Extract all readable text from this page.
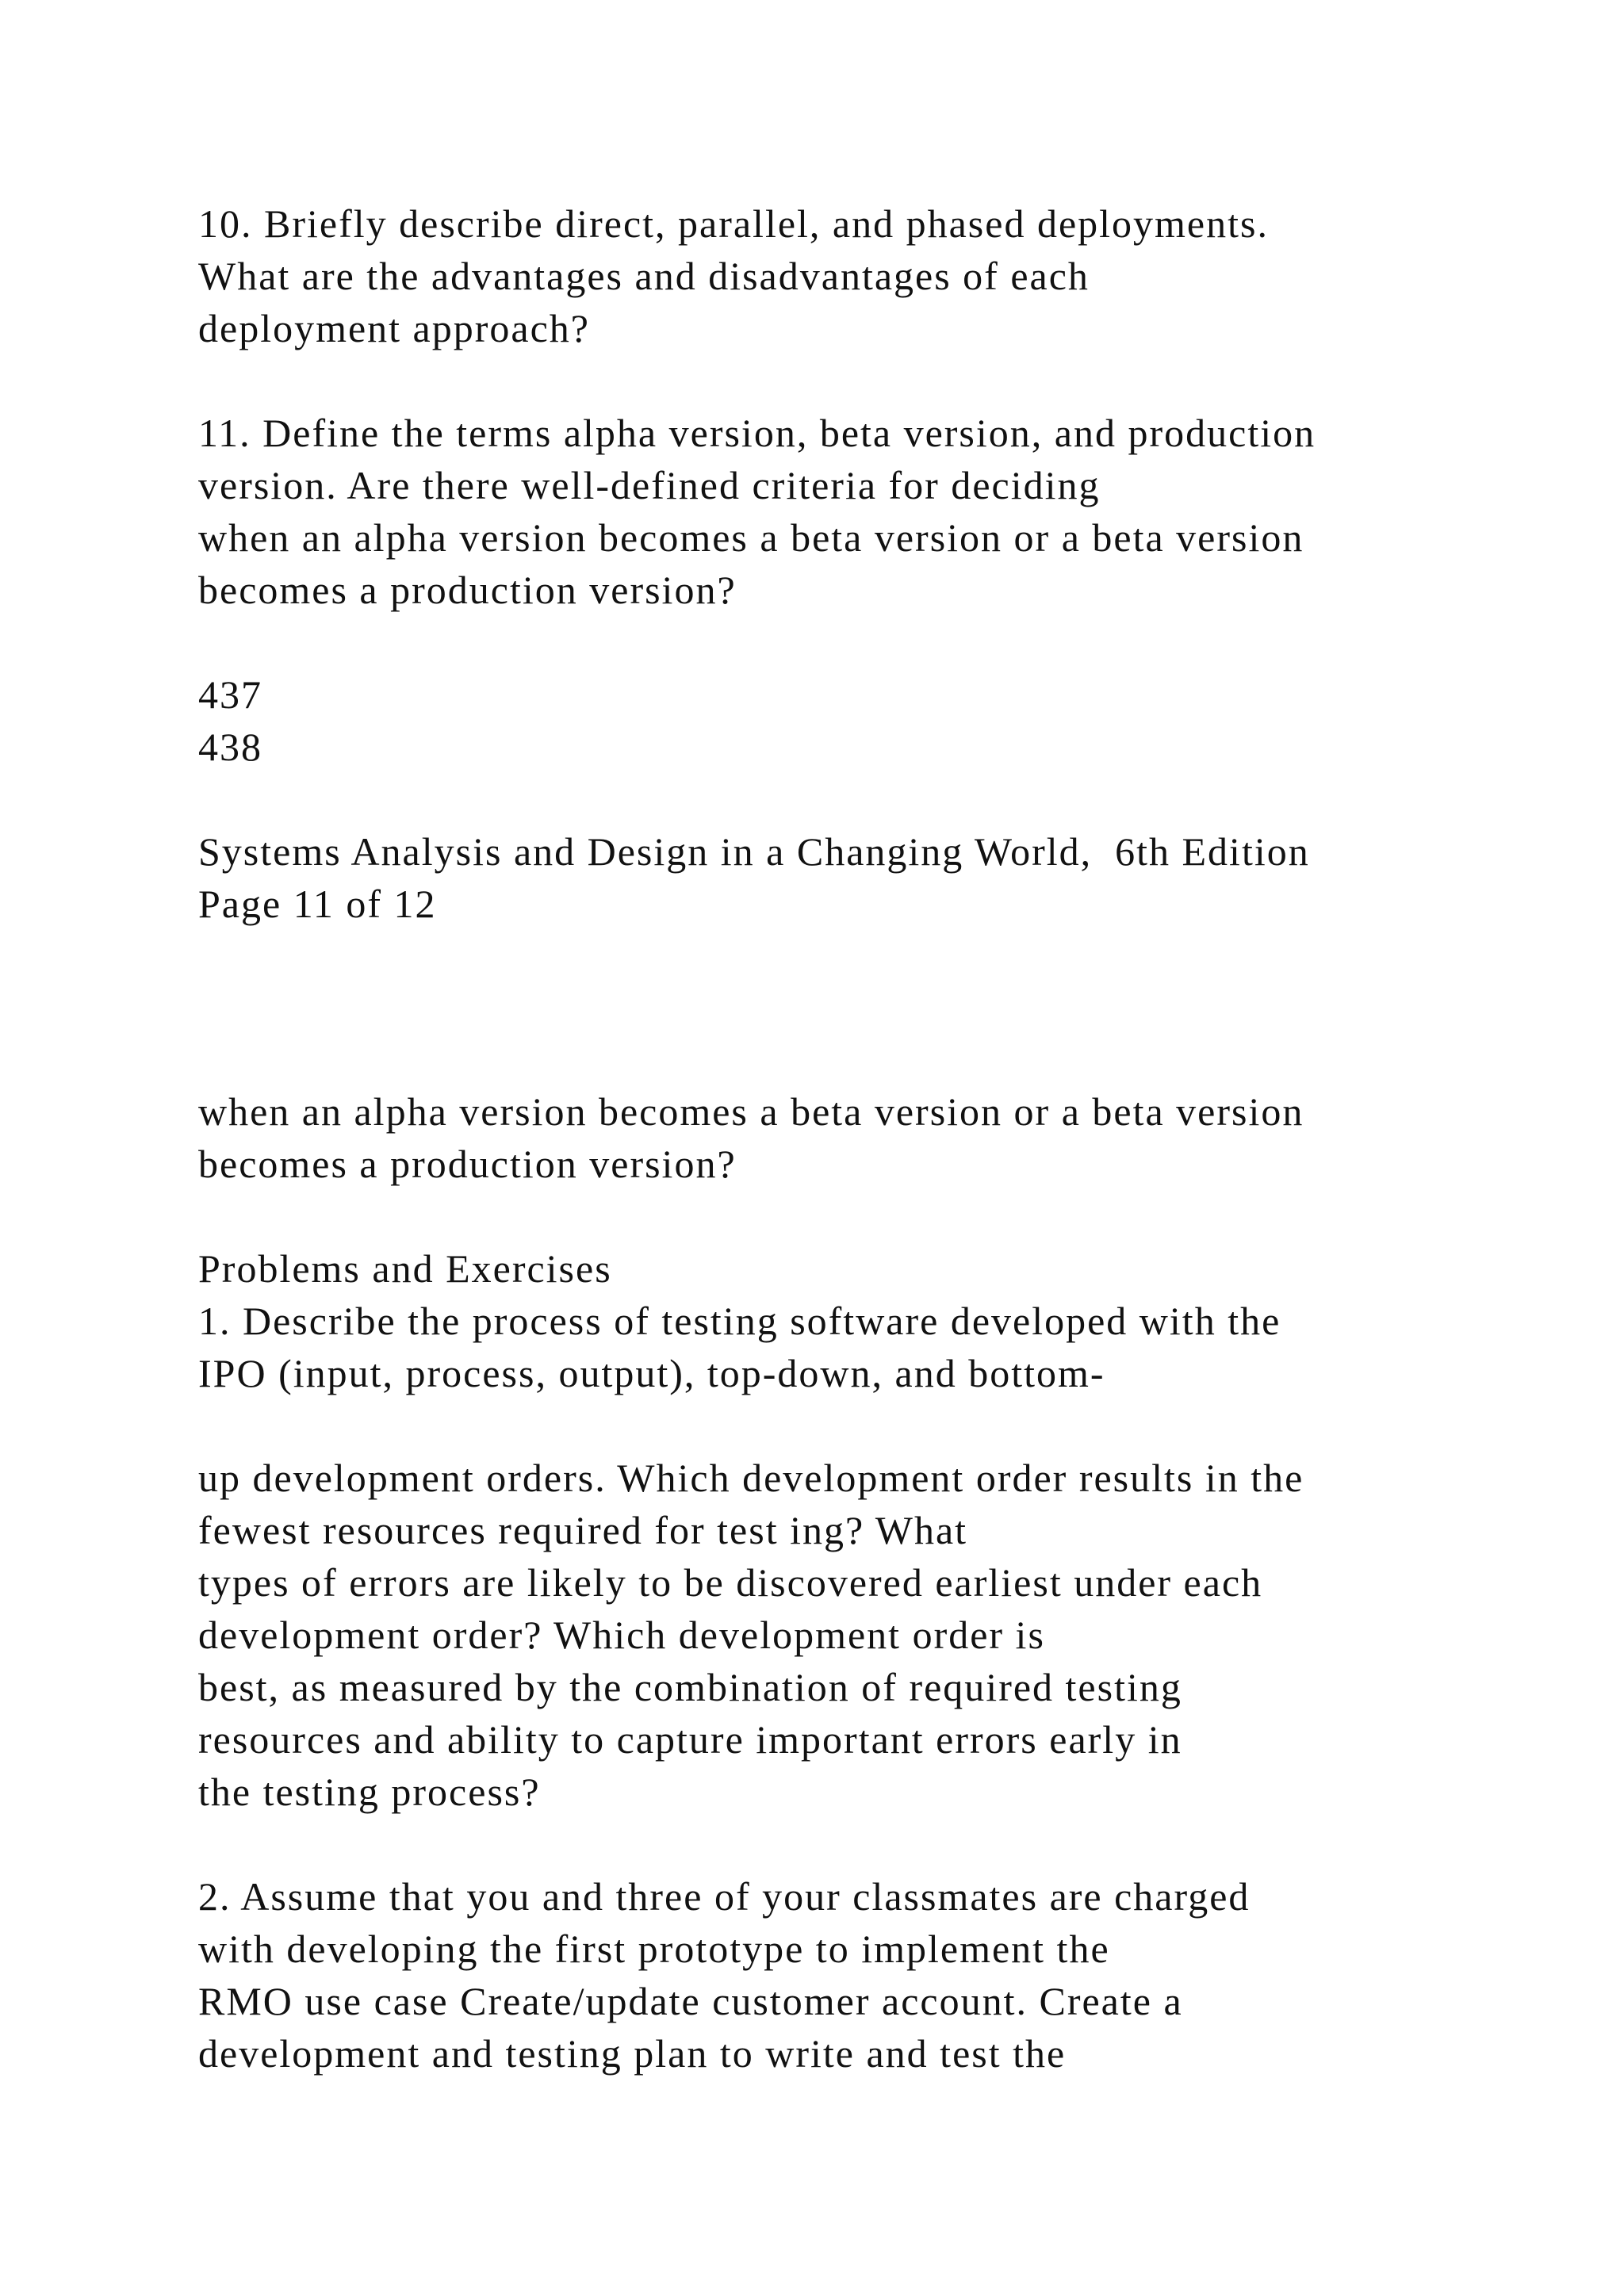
10. Briefly describe direct, parallel, and phased deployments.
What are the advantages and disadvantages of each
deployment approach?
11. Define the terms alpha version, beta version, and production
version. Are there well-defined criteria for deciding
when an alpha version becomes a beta version or a beta version
becomes a production version?
437
438
Systems Analysis and Design in a Changing World,  6th Edition
Page 11 of 12
when an alpha version becomes a beta version or a beta version
becomes a production version?
Problems and Exercises
1. Describe the process of testing software developed with the
IPO (input, process, output), top-down, and bottom-
up development orders. Which development order results in the
fewest resources required for test ing? What
types of errors are likely to be discovered earliest under each
development order? Which development order is
best, as measured by the combination of required testing
resources and ability to capture important errors early in
the testing process?
2. Assume that you and three of your classmates are charged
with developing the first prototype to implement the
RMO use case Create/update customer account. Create a
development and testing plan to write and test the
